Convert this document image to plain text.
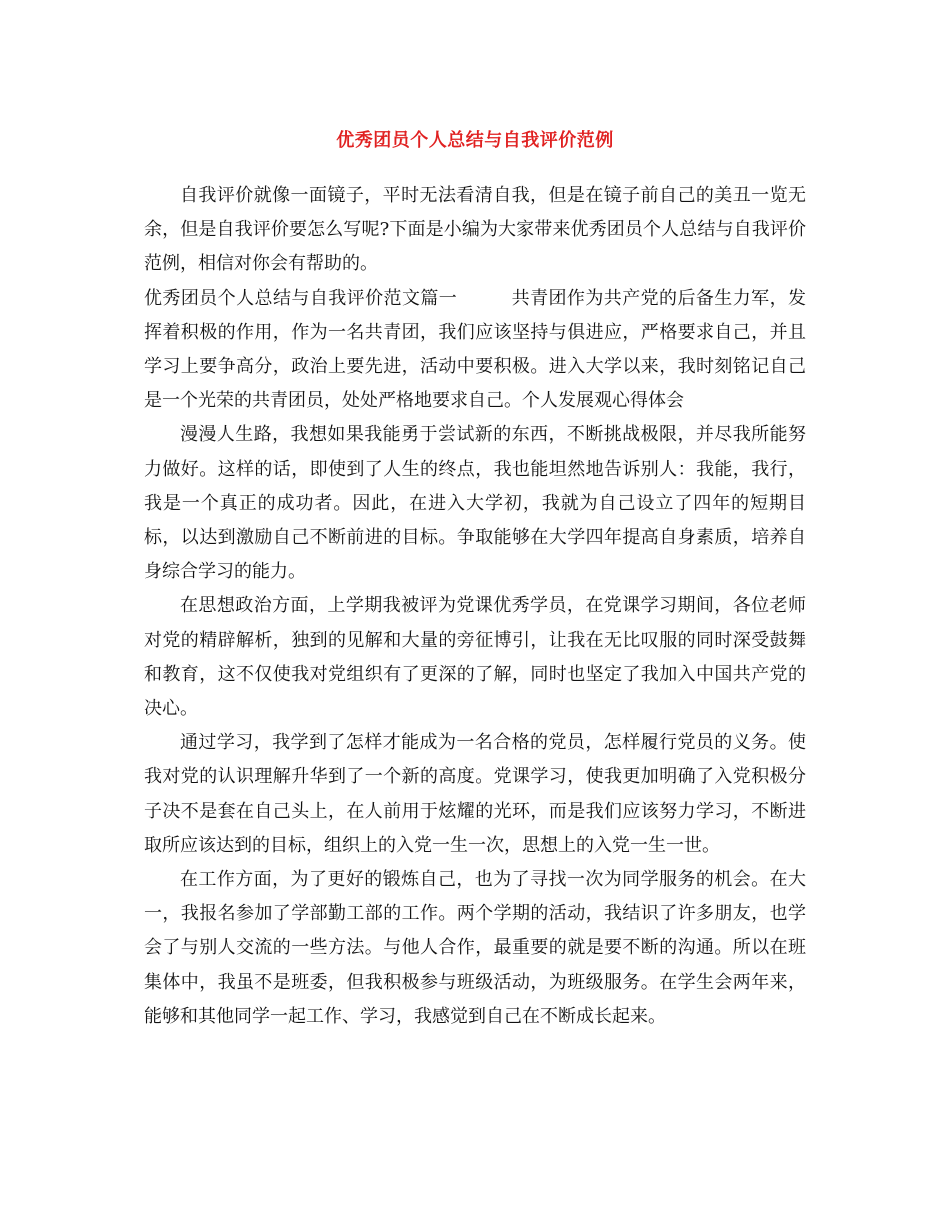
优秀团员个人总结与自我评价范例

自我评价就像一面镜子，平时无法看清自我，但是在镜子前自己的美丑一览无余，但是自我评价要怎么写呢?下面是小编为大家带来优秀团员个人总结与自我评价范例，相信对你会有帮助的。

优秀团员个人总结与自我评价范文篇一	共青团作为共产党的后备生力军，发挥着积极的作用，作为一名共青团，我们应该坚持与俱进应，严格要求自己，并且学习上要争高分，政治上要先进，活动中要积极。进入大学以来，我时刻铭记自己是一个光荣的共青团员，处处严格地要求自己。个人发展观心得体会

漫漫人生路，我想如果我能勇于尝试新的东西，不断挑战极限，并尽我所能努力做好。这样的话，即使到了人生的终点，我也能坦然地告诉别人：我能，我行，我是一个真正的成功者。因此，在进入大学初，我就为自己设立了四年的短期目标，以达到激励自己不断前进的目标。争取能够在大学四年提高自身素质，培养自身综合学习的能力。

在思想政治方面，上学期我被评为党课优秀学员，在党课学习期间，各位老师对党的精辟解析，独到的见解和大量的旁征博引，让我在无比叹服的同时深受鼓舞和教育，这不仅使我对党组织有了更深的了解，同时也坚定了我加入中国共产党的决心。

通过学习，我学到了怎样才能成为一名合格的党员，怎样履行党员的义务。使我对党的认识理解升华到了一个新的高度。党课学习，使我更加明确了入党积极分子决不是套在自己头上，在人前用于炫耀的光环，而是我们应该努力学习，不断进取所应该达到的目标，组织上的入党一生一次，思想上的入党一生一世。

在工作方面，为了更好的锻炼自己，也为了寻找一次为同学服务的机会。在大一，我报名参加了学部勤工部的工作。两个学期的活动，我结识了许多朋友，也学会了与别人交流的一些方法。与他人合作，最重要的就是要不断的沟通。所以在班集体中，我虽不是班委，但我积极参与班级活动，为班级服务。在学生会两年来，能够和其他同学一起工作、学习，我感觉到自己在不断成长起来。
